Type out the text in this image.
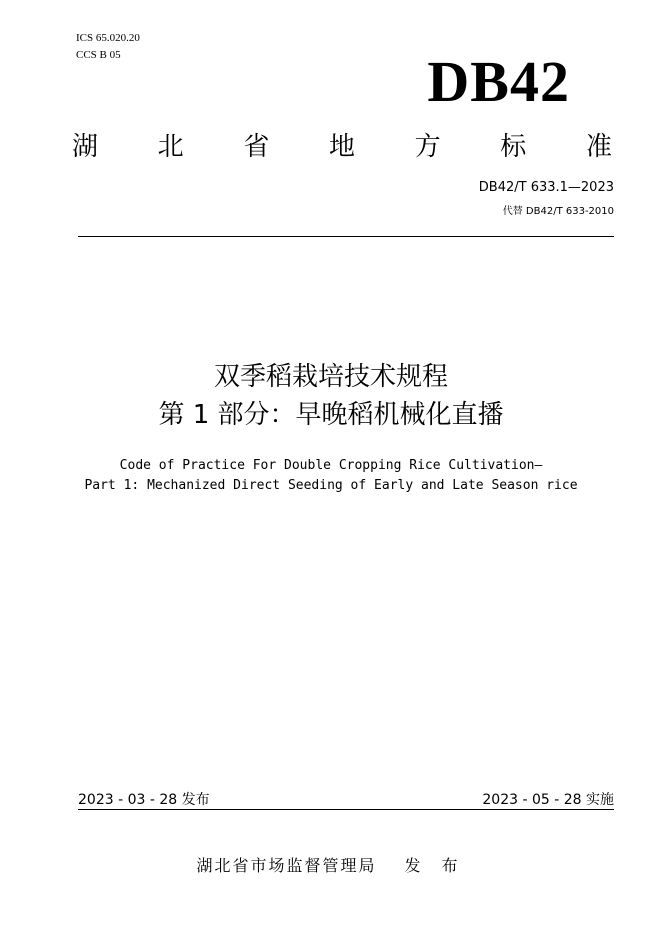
ICS 65.020.20
CCS B 05	DB42
湖 北 省 地 方 标 准
DB42/T 633.1—2023
代替 DB42/T 633-2010
双季稻栽培技术规程
第 1 部分：早晚稻机械化直播
Code of Practice For Double Cropping Rice Cultivation—
Part 1: Mechanized Direct Seeding of Early and Late Season rice
2023 - 03 - 28 发布	2023 - 05 - 28 实施
湖北省市场监督管理局 发 布
